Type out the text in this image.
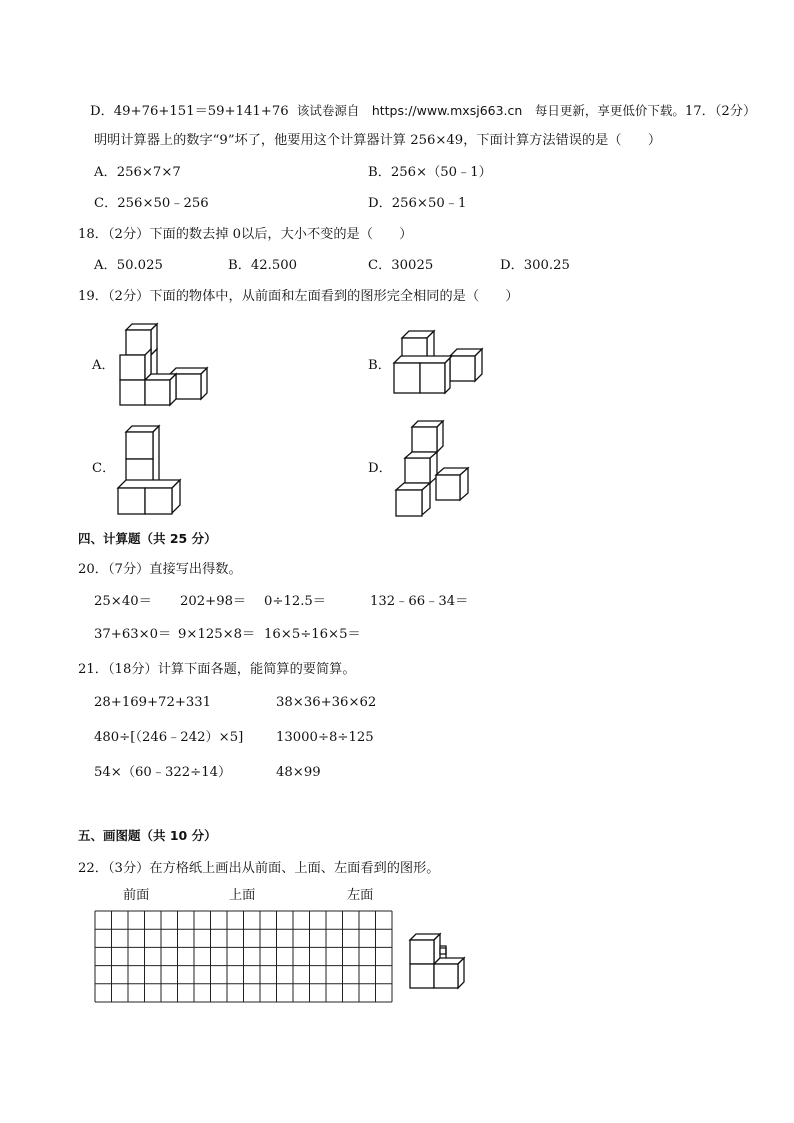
D．49+76+151＝59+141+76 该试卷源自　https://www.mxsj663.cn　每日更新，享更低价下载。17．（2分）
明明计算器上的数字“9”坏了，他要用这个计算器计算 256×49，下面计算方法错误的是（　　）
A．256×7×7	B．256×（50﹣1）
C．256×50﹣256	D．256×50﹣1
18．（2分）下面的数去掉 0以后，大小不变的是（　　）
A．50.025	B．42.500	C．30025	D．300.25
19．（2分）下面的物体中，从前面和左面看到的图形完全相同的是（　　）
A．	B．
C．	D．
四、计算题（共 25 分）
20．（7分）直接写出得数。
25×40＝ 202+98＝ 0÷12.5＝	132﹣66﹣34＝
37+63×0＝ 9×125×8＝ 16×5÷16×5＝
21．（18分）计算下面各题，能简算的要简算。
28+169+72+331	38×36+36×62
480÷[（246﹣242）×5] 13000÷8÷125
54×（60﹣322÷14）	48×99
五、画图题（共 10 分）
22．（3分）在方格纸上画出从前面、上面、左面看到的图形。
前面	上面	左面
